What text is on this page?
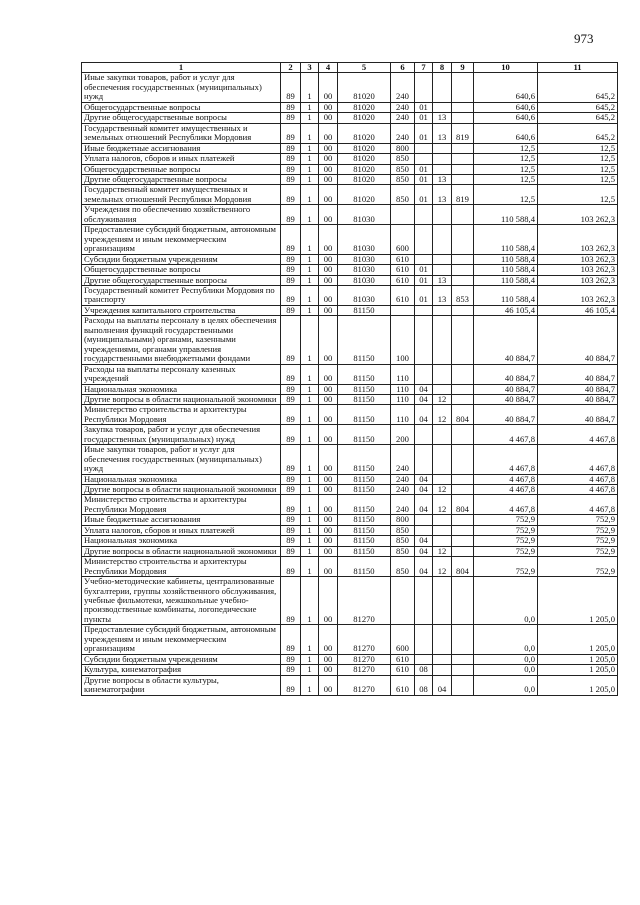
973
1	2	3	4	5	6	7	8	9	10	11
Иные закупки товаров, работ и услуг для обеспечения государственных (муниципальных) нужд	89	1	00	81020	240				640,6	645,2
Общегосударственные вопросы	89	1	00	81020	240	01			640,6	645,2
Другие общегосударственные вопросы	89	1	00	81020	240	01	13		640,6	645,2
Государственный комитет имущественных и земельных отношений Республики Мордовия	89	1	00	81020	240	01	13	819	640,6	645,2
Иные бюджетные ассигнования	89	1	00	81020	800				12,5	12,5
Уплата налогов, сборов и иных платежей	89	1	00	81020	850				12,5	12,5
Общегосударственные вопросы	89	1	00	81020	850	01			12,5	12,5
Другие общегосударственные вопросы	89	1	00	81020	850	01	13		12,5	12,5
Государственный комитет имущественных и земельных отношений Республики Мордовия	89	1	00	81020	850	01	13	819	12,5	12,5
Учреждения по обеспечению хозяйственного обслуживания	89	1	00	81030					110 588,4	103 262,3
Предоставление субсидий бюджетным, автономным учреждениям и иным некоммерческим организациям	89	1	00	81030	600				110 588,4	103 262,3
Субсидии бюджетным учреждениям	89	1	00	81030	610				110 588,4	103 262,3
Общегосударственные вопросы	89	1	00	81030	610	01			110 588,4	103 262,3
Другие общегосударственные вопросы	89	1	00	81030	610	01	13		110 588,4	103 262,3
Государственный комитет Республики Мордовия по транспорту	89	1	00	81030	610	01	13	853	110 588,4	103 262,3
Учреждения капитального строительства	89	1	00	81150					46 105,4	46 105,4
Расходы на выплаты персоналу в целях обеспечения выполнения функций государственными (муниципальными) органами, казенными учреждениями, органами управления государственными внебюджетными фондами	89	1	00	81150	100				40 884,7	40 884,7
Расходы на выплаты персоналу казенных учреждений	89	1	00	81150	110				40 884,7	40 884,7
Национальная экономика	89	1	00	81150	110	04			40 884,7	40 884,7
Другие вопросы в области национальной экономики	89	1	00	81150	110	04	12		40 884,7	40 884,7
Министерство строительства и архитектуры Республики Мордовия	89	1	00	81150	110	04	12	804	40 884,7	40 884,7
Закупка товаров, работ и услуг для обеспечения государственных (муниципальных) нужд	89	1	00	81150	200				4 467,8	4 467,8
Иные закупки товаров, работ и услуг для обеспечения государственных (муниципальных) нужд	89	1	00	81150	240				4 467,8	4 467,8
Национальная экономика	89	1	00	81150	240	04			4 467,8	4 467,8
Другие вопросы в области национальной экономики	89	1	00	81150	240	04	12		4 467,8	4 467,8
Министерство строительства и архитектуры Республики Мордовия	89	1	00	81150	240	04	12	804	4 467,8	4 467,8
Иные бюджетные ассигнования	89	1	00	81150	800				752,9	752,9
Уплата налогов, сборов и иных платежей	89	1	00	81150	850				752,9	752,9
Национальная экономика	89	1	00	81150	850	04			752,9	752,9
Другие вопросы в области национальной экономики	89	1	00	81150	850	04	12		752,9	752,9
Министерство строительства и архитектуры Республики Мордовия	89	1	00	81150	850	04	12	804	752,9	752,9
Учебно-методические кабинеты, централизованные бухгалтерии, группы хозяйственного обслуживания, учебные фильмотеки, межшкольные учебно-производственные комбинаты, логопедические пункты	89	1	00	81270					0,0	1 205,0
Предоставление субсидий бюджетным, автономным учреждениям и иным некоммерческим организациям	89	1	00	81270	600				0,0	1 205,0
Субсидии бюджетным учреждениям	89	1	00	81270	610				0,0	1 205,0
Культура, кинематография	89	1	00	81270	610	08			0,0	1 205,0
Другие вопросы в области культуры, кинематографии	89	1	00	81270	610	08	04		0,0	1 205,0
